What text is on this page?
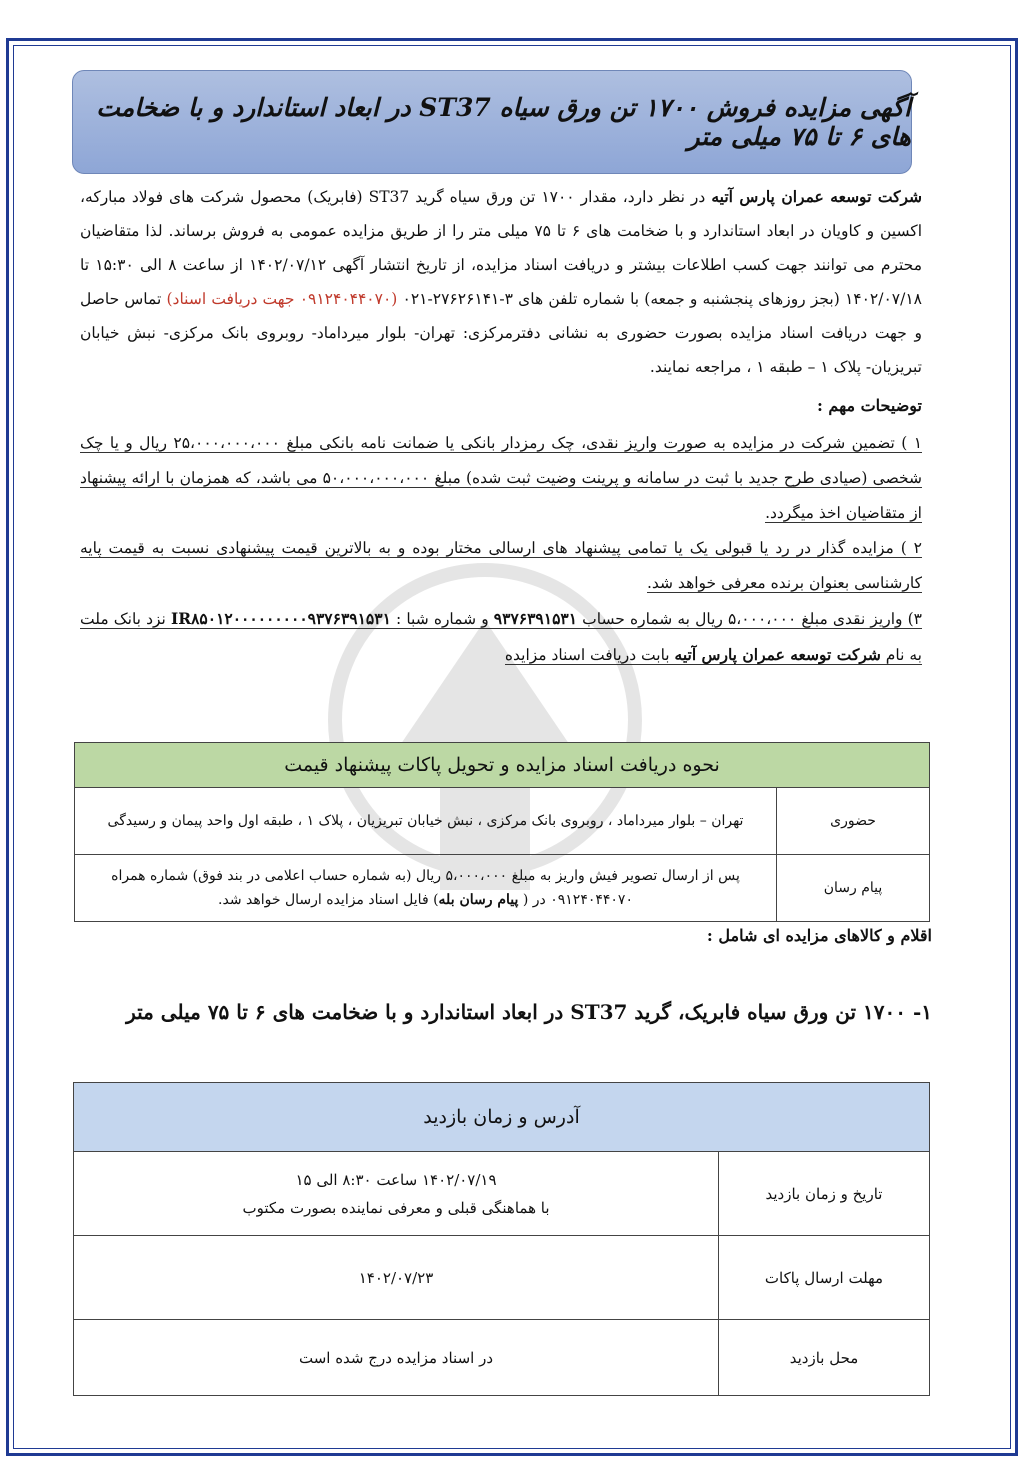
آگهی مزایده فروش ۱۷۰۰ تن ورق سیاه ST37 در ابعاد استاندارد و با ضخامت های ۶ تا ۷۵ میلی متر

شرکت توسعه عمران پارس آتیه در نظر دارد، مقدار ۱۷۰۰ تن ورق سیاه گرید ST37 (فابریک) محصول شرکت های فولاد مبارکه، اکسین و کاویان در ابعاد استاندارد و با ضخامت های ۶ تا ۷۵ میلی متر را از طریق مزایده عمومی به فروش برساند. لذا متقاضیان محترم می توانند جهت کسب اطلاعات بیشتر و دریافت اسناد مزایده، از تاریخ انتشار آگهی ۱۴۰۲/۰۷/۱۲ از ساعت ۸ الی ۱۵:۳۰ تا ۱۴۰۲/۰۷/۱۸ (بجز روزهای پنجشنبه و جمعه) با شماره تلفن های ۳-۲۷۶۲۶۱۴۱-۰۲۱ (۰۹۱۲۴۰۴۴۰۷۰ جهت دریافت اسناد) تماس حاصل و جهت دریافت اسناد مزایده بصورت حضوری به نشانی دفترمرکزی: تهران- بلوار میرداماد- روبروی بانک مرکزی- نبش خیابان تبریزیان- پلاک ۱ – طبقه ۱ ، مراجعه نمایند.

توضیحات مهم :

۱ ) تضمین شرکت در مزایده به صورت واریز نقدی، چک رمزدار بانکی یا ضمانت نامه بانکی مبلغ ۲۵،۰۰۰،۰۰۰،۰۰۰ ریال و یا چک شخصی (صیادی طرح جدید با ثبت در سامانه و پرینت وضیت ثبت شده) مبلغ ۵۰،۰۰۰،۰۰۰،۰۰۰ می باشد، که همزمان با ارائه پیشنهاد از متقاضیان اخذ میگردد.

۲ ) مزایده گذار در رد یا قبولی یک یا تمامی پیشنهاد های ارسالی مختار بوده و به بالاترین قیمت پیشنهادی نسبت به قیمت پایه کارشناسی بعنوان برنده معرفی خواهد شد.

۳) واریز نقدی مبلغ ۵،۰۰۰،۰۰۰ ریال به شماره حساب ۹۳۷۶۳۹۱۵۳۱ و شماره شبا : IR۸۵۰۱۲۰۰۰۰۰۰۰۰۰۹۳۷۶۳۹۱۵۳۱ نزد بانک ملت به نام شرکت توسعه عمران پارس آتیه بابت دریافت اسناد مزایده

نحوه دریافت اسناد مزایده و تحویل پاکات پیشنهاد قیمت	
حضوری	تهران – بلوار میرداماد ، روبروی بانک مرکزی ، نبش خیابان تبریزیان ، پلاک ۱ ، طبقه اول واحد پیمان و رسیدگی
پیام رسان	پس از ارسال تصویر فیش واریز به مبلغ ۵،۰۰۰،۰۰۰ ریال (به شماره حساب اعلامی در بند فوق) شماره همراه ۰۹۱۲۴۰۴۴۰۷۰ در ( پیام رسان بله) فایل اسناد مزایده ارسال خواهد شد.
اقلام و کالاهای مزایده ای شامل :
۱- ۱۷۰۰ تن ورق سیاه فابریک، گرید ST37 در ابعاد استاندارد و با ضخامت های ۶ تا ۷۵ میلی متر
آدرس و زمان بازدید	
تاریخ و زمان بازدید	۱۴۰۲/۰۷/۱۹ ساعت ۸:۳۰ الی ۱۵
با هماهنگی قبلی و معرفی نماینده بصورت مکتوب

مهلت ارسال پاکات	۱۴۰۲/۰۷/۲۳
محل بازدید	در اسناد مزایده درج شده است
